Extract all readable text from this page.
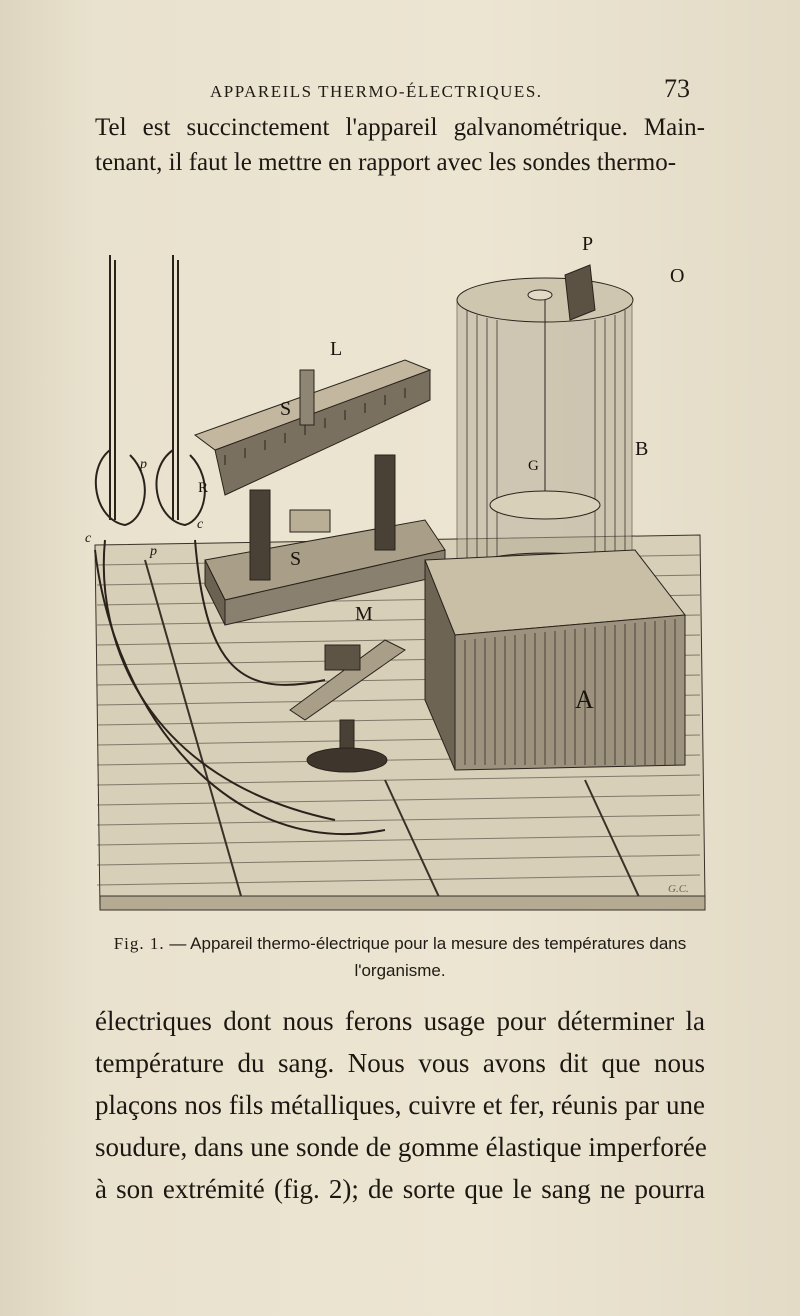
APPAREILS THERMO-ÉLECTRIQUES.	73

Tel est succinctement l'appareil galvanométrique. Main-
tenant, il faut le mettre en rapport avec les sondes thermo-

P
O
L
S
S
B
G
R
M
A
p
p
c
c
G.C.
Fig. 1. — Appareil thermo-électrique pour la mesure des températures dans l'organisme.

électriques dont nous ferons usage pour déterminer la
température du sang. Nous vous avons dit que nous
plaçons nos fils métalliques, cuivre et fer, réunis par une
soudure, dans une sonde de gomme élastique imperforée
à son extrémité (fig. 2); de sorte que le sang ne pourra
